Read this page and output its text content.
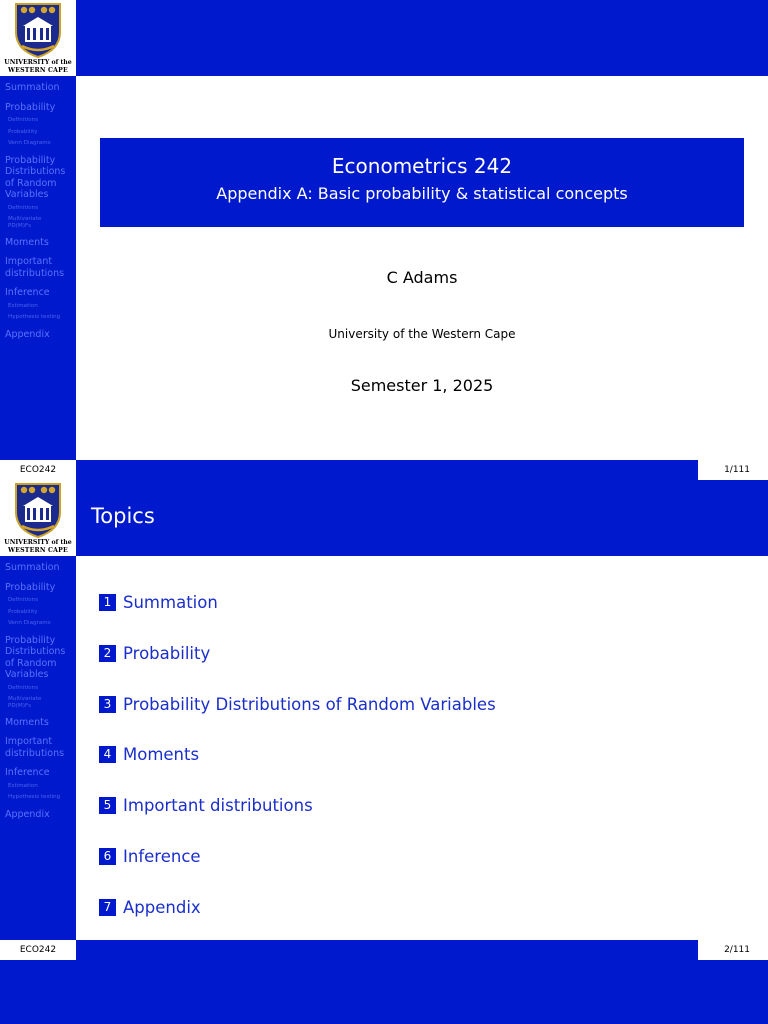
UNIVERSITY of the
WESTERN CAPE
Summation
Probability
Definitions
Probability
Venn Diagrams
Probability
Distributions
of Random
Variables
Definitions
Multivariate
PD(M)Fs
Moments
Important
distributions
Inference
Estimation
Hypothesis testing
Appendix
Econometrics 242
Appendix A: Basic probability & statistical concepts
C Adams
University of the Western Cape
Semester 1, 2025
ECO242	1/111
UNIVERSITY of the
WESTERN CAPE
Summation
Probability
Definitions
Probability
Venn Diagrams
Probability
Distributions
of Random
Variables
Definitions
Multivariate
PD(M)Fs
Moments
Important
distributions
Inference
Estimation
Hypothesis testing
Appendix
Topics
1 Summation
2 Probability
3 Probability Distributions of Random Variables
4 Moments
5 Important distributions
6 Inference
7 Appendix
ECO242	2/111
